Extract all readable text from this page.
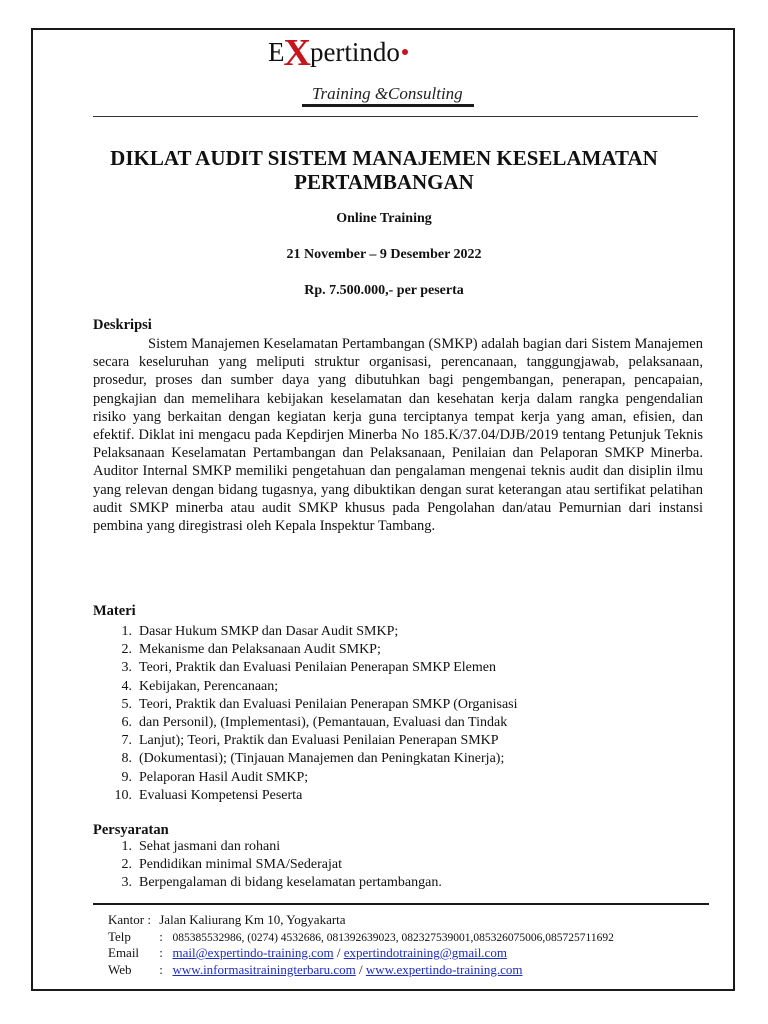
EXpertindo
Training &Consulting
DIKLAT AUDIT SISTEM MANAJEMEN KESELAMATAN PERTAMBANGAN
Online Training
21 November – 9 Desember 2022
Rp. 7.500.000,- per peserta
Deskripsi

Sistem Manajemen Keselamatan Pertambangan (SMKP) adalah bagian dari Sistem Manajemen secara keseluruhan yang meliputi struktur organisasi, perencanaan, tanggungjawab, pelaksanaan, prosedur, proses dan sumber daya yang dibutuhkan bagi pengembangan, penerapan, pencapaian, pengkajian dan memelihara kebijakan keselamatan dan kesehatan kerja dalam rangka pengendalian risiko yang berkaitan dengan kegiatan kerja guna terciptanya tempat kerja yang aman, efisien, dan efektif. Diklat ini mengacu pada Kepdirjen Minerba No 185.K/37.04/DJB/2019 tentang Petunjuk Teknis Pelaksanaan Keselamatan Pertambangan dan Pelaksanaan, Penilaian dan Pelaporan SMKP Minerba. Auditor Internal SMKP memiliki pengetahuan dan pengalaman mengenai teknis audit dan disiplin ilmu yang relevan dengan bidang tugasnya, yang dibuktikan dengan surat keterangan atau sertifikat pelatihan audit SMKP minerba atau audit SMKP khusus pada Pengolahan dan/atau Pemurnian dari instansi pembina yang diregistrasi oleh Kepala Inspektur Tambang.

Materi
1. Dasar Hukum SMKP dan Dasar Audit SMKP;
2. Mekanisme dan Pelaksanaan Audit SMKP;
3. Teori, Praktik dan Evaluasi Penilaian Penerapan SMKP Elemen
4. Kebijakan, Perencanaan;
5. Teori, Praktik dan Evaluasi Penilaian Penerapan SMKP (Organisasi
6. dan Personil), (Implementasi), (Pemantauan, Evaluasi dan Tindak
7. Lanjut); Teori, Praktik dan Evaluasi Penilaian Penerapan SMKP
8. (Dokumentasi); (Tinjauan Manajemen dan Peningkatan Kinerja);
9. Pelaporan Hasil Audit SMKP;
10. Evaluasi Kompetensi Peserta
Persyaratan
1. Sehat jasmani dan rohani
2. Pendidikan minimal SMA/Sederajat
3. Berpengalaman di bidang keselamatan pertambangan.
Kantor : Jalan Kaliurang Km 10, Yogyakarta
Telp : 085385532986, (0274) 4532686, 081392639023, 082327539001,085326075006,085725711692
Email : mail@expertindo-training.com / expertindotraining@gmail.com
Web : www.informasitrainingterbaru.com / www.expertindo-training.com
